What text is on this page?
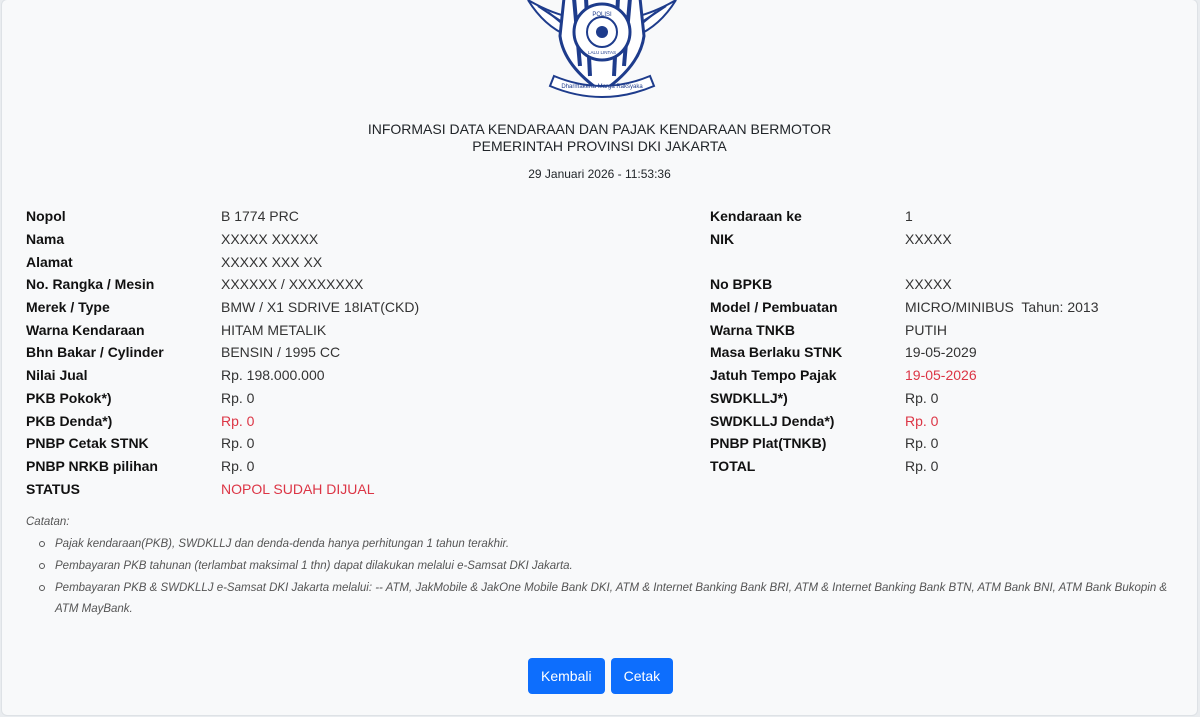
POLISI
LALU LINTAS
Dharmakerta Marga Raksyaka
INFORMASI DATA KENDARAAN DAN PAJAK KENDARAAN BERMOTOR
PEMERINTAH PROVINSI DKI JAKARTA
29 Januari 2026 - 11:53:36
Nopol	B 1774 PRC
Nama	XXXXX XXXXX
Alamat	XXXXX XXX XX
No. Rangka / Mesin	XXXXXX / XXXXXXXX
Merek / Type	BMW / X1 SDRIVE 18IAT(CKD)
Warna Kendaraan	HITAM METALIK
Bhn Bakar / Cylinder	BENSIN / 1995 CC
Nilai Jual	Rp. 198.000.000
PKB Pokok*)	Rp. 0
PKB Denda*)	Rp. 0
PNBP Cetak STNK	Rp. 0
PNBP NRKB pilihan	Rp. 0
STATUS	NOPOL SUDAH DIJUAL
Kendaraan ke	1
NIK	XXXXX
No BPKB	XXXXX
Model / Pembuatan	MICRO/MINIBUS  Tahun: 2013
Warna TNKB	PUTIH
Masa Berlaku STNK	19-05-2029
Jatuh Tempo Pajak	19-05-2026
SWDKLLJ*)	Rp. 0
SWDKLLJ Denda*)	Rp. 0
PNBP Plat(TNKB)	Rp. 0
TOTAL	Rp. 0
Catatan:
Pajak kendaraan(PKB), SWDKLLJ dan denda-denda hanya perhitungan 1 tahun terakhir.
Pembayaran PKB tahunan (terlambat maksimal 1 thn) dapat dilakukan melalui e-Samsat DKI Jakarta.
Pembayaran PKB & SWDKLLJ e-Samsat DKI Jakarta melalui: -- ATM, JakMobile & JakOne Mobile Bank DKI, ATM & Internet Banking Bank BRI, ATM & Internet Banking Bank BTN, ATM Bank BNI, ATM Bank Bukopin & ATM MayBank.
Kembali	Cetak
